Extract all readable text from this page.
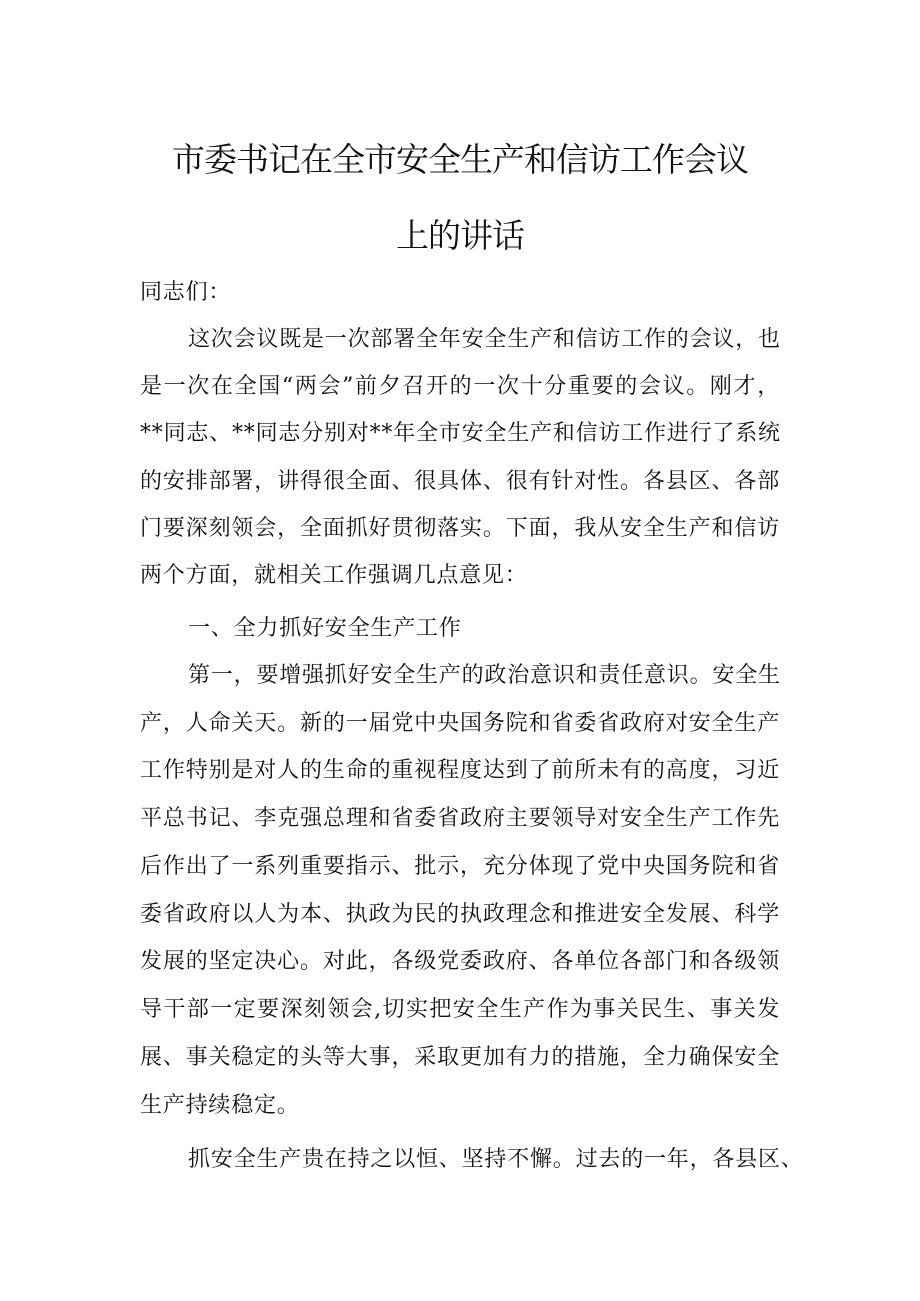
市委书记在全市安全生产和信访工作会议
上的讲话
同志们：
这次会议既是一次部署全年安全生产和信访工作的会议，也
是一次在全国“两会”前夕召开的一次十分重要的会议。刚才，
**同志、**同志分别对**年全市安全生产和信访工作进行了系统
的安排部署，讲得很全面、很具体、很有针对性。各县区、各部
门要深刻领会，全面抓好贯彻落实。下面，我从安全生产和信访
两个方面，就相关工作强调几点意见：
一、全力抓好安全生产工作
第一，要增强抓好安全生产的政治意识和责任意识。安全生
产，人命关天。新的一届党中央国务院和省委省政府对安全生产
工作特别是对人的生命的重视程度达到了前所未有的高度，习近
平总书记、李克强总理和省委省政府主要领导对安全生产工作先
后作出了一系列重要指示、批示，充分体现了党中央国务院和省
委省政府以人为本、执政为民的执政理念和推进安全发展、科学
发展的坚定决心。对此，各级党委政府、各单位各部门和各级领
导干部一定要深刻领会,切实把安全生产作为事关民生、事关发
展、事关稳定的头等大事，采取更加有力的措施，全力确保安全
生产持续稳定。
抓安全生产贵在持之以恒、坚持不懈。过去的一年，各县区、
